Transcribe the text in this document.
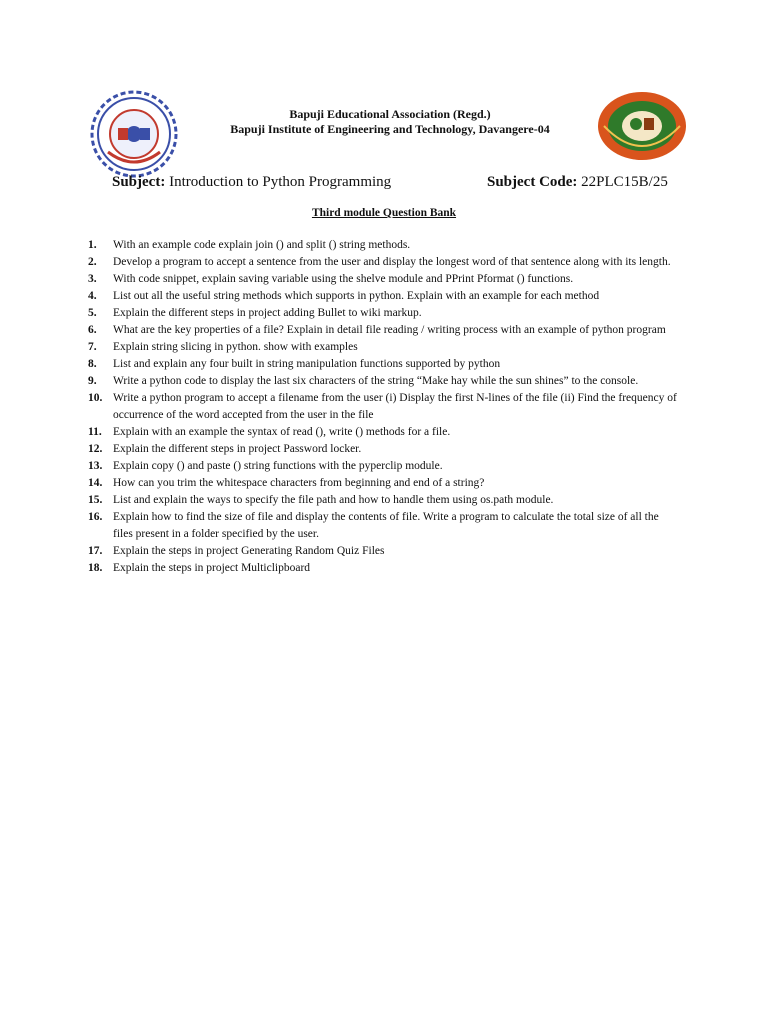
Bapuji Educational Association (Regd.)
Bapuji Institute of Engineering and Technology, Davangere-04
Subject: Introduction to Python Programming	Subject Code: 22PLC15B/25
Third module Question Bank
1. With an example code explain join () and split () string methods.
2. Develop a program to accept a sentence from the user and display the longest word of that sentence along with its length.
3. With code snippet, explain saving variable using the shelve module and PPrint Pformat () functions.
4. List out all the useful string methods which supports in python. Explain with an example for each method
5. Explain the different steps in project adding Bullet to wiki markup.
6. What are the key properties of a file? Explain in detail file reading / writing process with an example of python program
7. Explain string slicing in python. show with examples
8. List and explain any four built in string manipulation functions supported by python
9. Write a python code to display the last six characters of the string “Make hay while the sun shines” to the console.
10. Write a python program to accept a filename from the user (i) Display the first N-lines of the file (ii) Find the frequency of occurrence of the word accepted from the user in the file
11. Explain with an example the syntax of read (), write () methods for a file.
12. Explain the different steps in project Password locker.
13. Explain copy () and paste () string functions with the pyperclip module.
14. How can you trim the whitespace characters from beginning and end of a string?
15. List and explain the ways to specify the file path and how to handle them using os.path module.
16. Explain how to find the size of file and display the contents of file. Write a program to calculate the total size of all the files present in a folder specified by the user.
17. Explain the steps in project Generating Random Quiz Files
18. Explain the steps in project Multiclipboard
